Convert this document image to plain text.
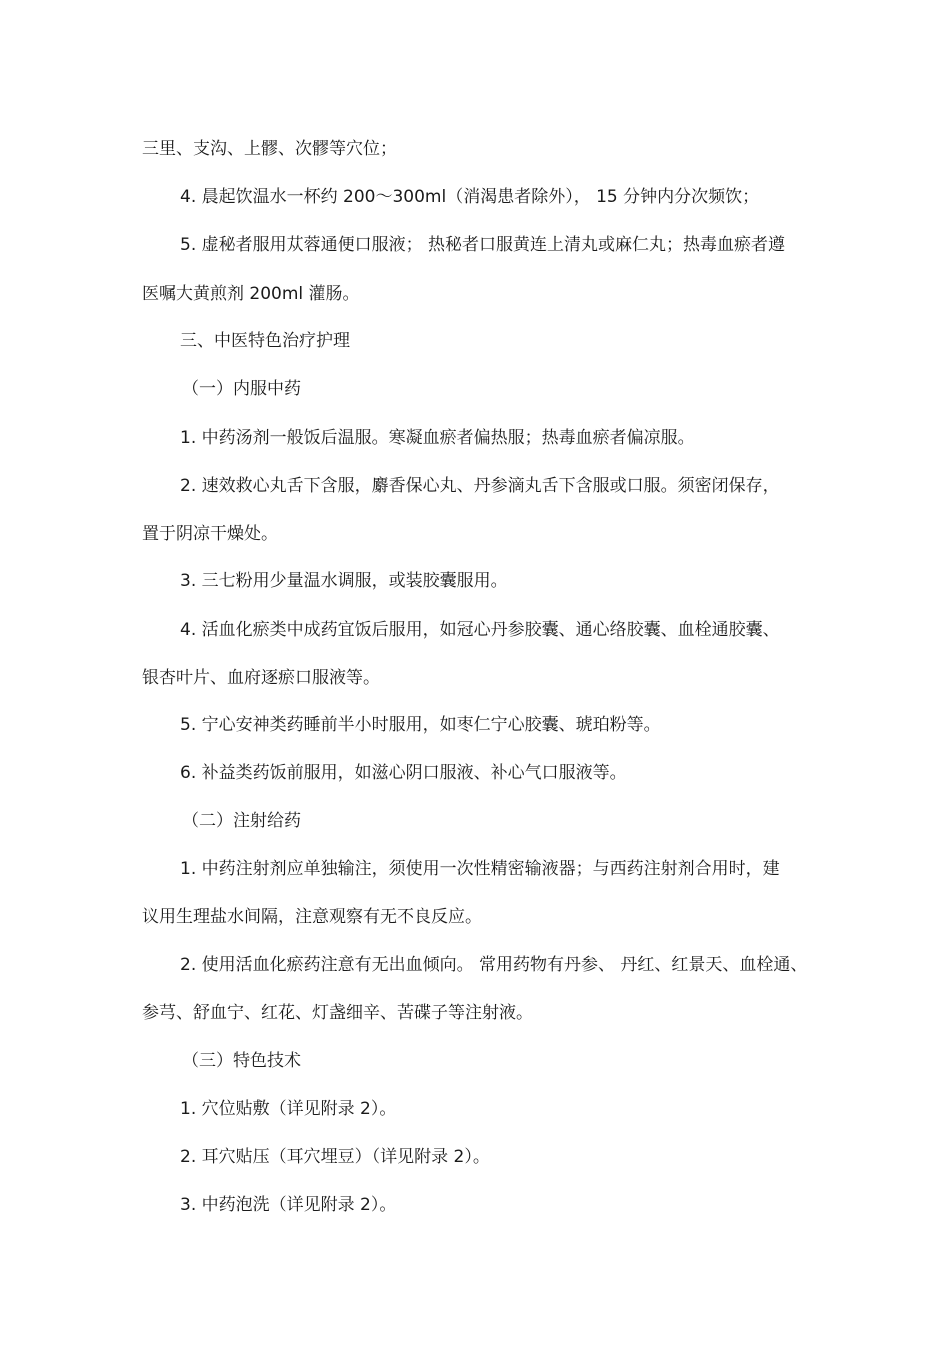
三里、支沟、上髎、次髎等穴位；
4. 晨起饮温水一杯约 200～300ml（消渴患者除外）， 15 分钟内分次频饮；
5. 虚秘者服用苁蓉通便口服液； 热秘者口服黄连上清丸或麻仁丸；热毒血瘀者遵
医嘱大黄煎剂 200ml 灌肠。
三、中医特色治疗护理
（一）内服中药
1. 中药汤剂一般饭后温服。寒凝血瘀者偏热服；热毒血瘀者偏凉服。
2. 速效救心丸舌下含服，麝香保心丸、丹参滴丸舌下含服或口服。须密闭保存，
置于阴凉干燥处。
3. 三七粉用少量温水调服，或装胶囊服用。
4. 活血化瘀类中成药宜饭后服用，如冠心丹参胶囊、通心络胶囊、血栓通胶囊、
银杏叶片、血府逐瘀口服液等。
5. 宁心安神类药睡前半小时服用，如枣仁宁心胶囊、琥珀粉等。
6. 补益类药饭前服用，如滋心阴口服液、补心气口服液等。
（二）注射给药
1. 中药注射剂应单独输注，须使用一次性精密输液器；与西药注射剂合用时，建
议用生理盐水间隔，注意观察有无不良反应。
2. 使用活血化瘀药注意有无出血倾向。 常用药物有丹参、 丹红、红景天、血栓通、
参芎、舒血宁、红花、灯盏细辛、苦碟子等注射液。
（三）特色技术
1. 穴位贴敷（详见附录 2）。
2. 耳穴贴压（耳穴埋豆）（详见附录 2）。
3. 中药泡洗（详见附录 2）。
